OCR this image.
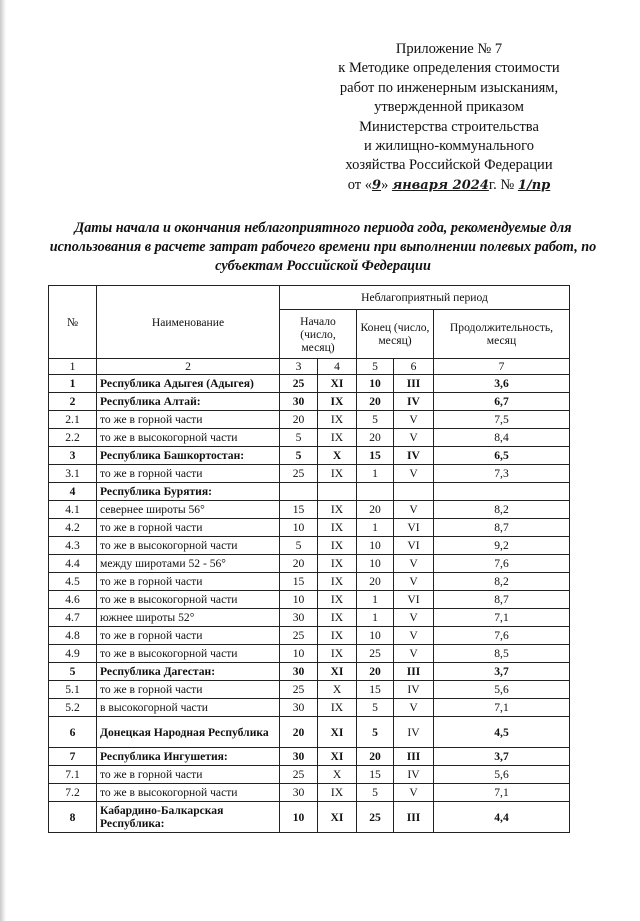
Приложение № 7
к Методике определения стоимости
работ по инженерным изысканиям,
утвержденной приказом
Министерства строительства
и жилищно-коммунального
хозяйства Российской Федерации
от «9» января 2024г. № 1/пр
Даты начала и окончания неблагоприятного периода года, рекомендуемые для использования в расчете затрат рабочего времени при выполнении полевых работ, по субъектам Российской Федерации
№	Наименование	Неблагоприятный период				
		Начало (число, месяц)		Конец (число, месяц)		Продолжительность, месяц
1	2	3	4	5	6	7
1	Республика Адыгея (Адыгея)	25	XI	10	III	3,6
2	Республика Алтай:	30	IX	20	IV	6,7
2.1	то же в горной части	20	IX	5	V	7,5
2.2	то же в высокогорной части	5	IX	20	V	8,4
3	Республика Башкортостан:	5	X	15	IV	6,5
3.1	то же в горной части	25	IX	1	V	7,3
4	Республика Бурятия:					
4.1	севернее широты 56°	15	IX	20	V	8,2
4.2	то же в горной части	10	IX	1	VI	8,7
4.3	то же в высокогорной части	5	IX	10	VI	9,2
4.4	между широтами 52 - 56°	20	IX	10	V	7,6
4.5	то же в горной части	15	IX	20	V	8,2
4.6	то же в высокогорной части	10	IX	1	VI	8,7
4.7	южнее широты 52°	30	IX	1	V	7,1
4.8	то же в горной части	25	IX	10	V	7,6
4.9	то же в высокогорной части	10	IX	25	V	8,5
5	Республика Дагестан:	30	XI	20	III	3,7
5.1	то же в горной части	25	X	15	IV	5,6
5.2	в высокогорной части	30	IX	5	V	7,1
6	Донецкая Народная Республика	20	XI	5	IV	4,5
7	Республика Ингушетия:	30	XI	20	III	3,7
7.1	то же в горной части	25	X	15	IV	5,6
7.2	то же в высокогорной части	30	IX	5	V	7,1
8	Кабардино-Балкарская Республика:	10	XI	25	III	4,4
